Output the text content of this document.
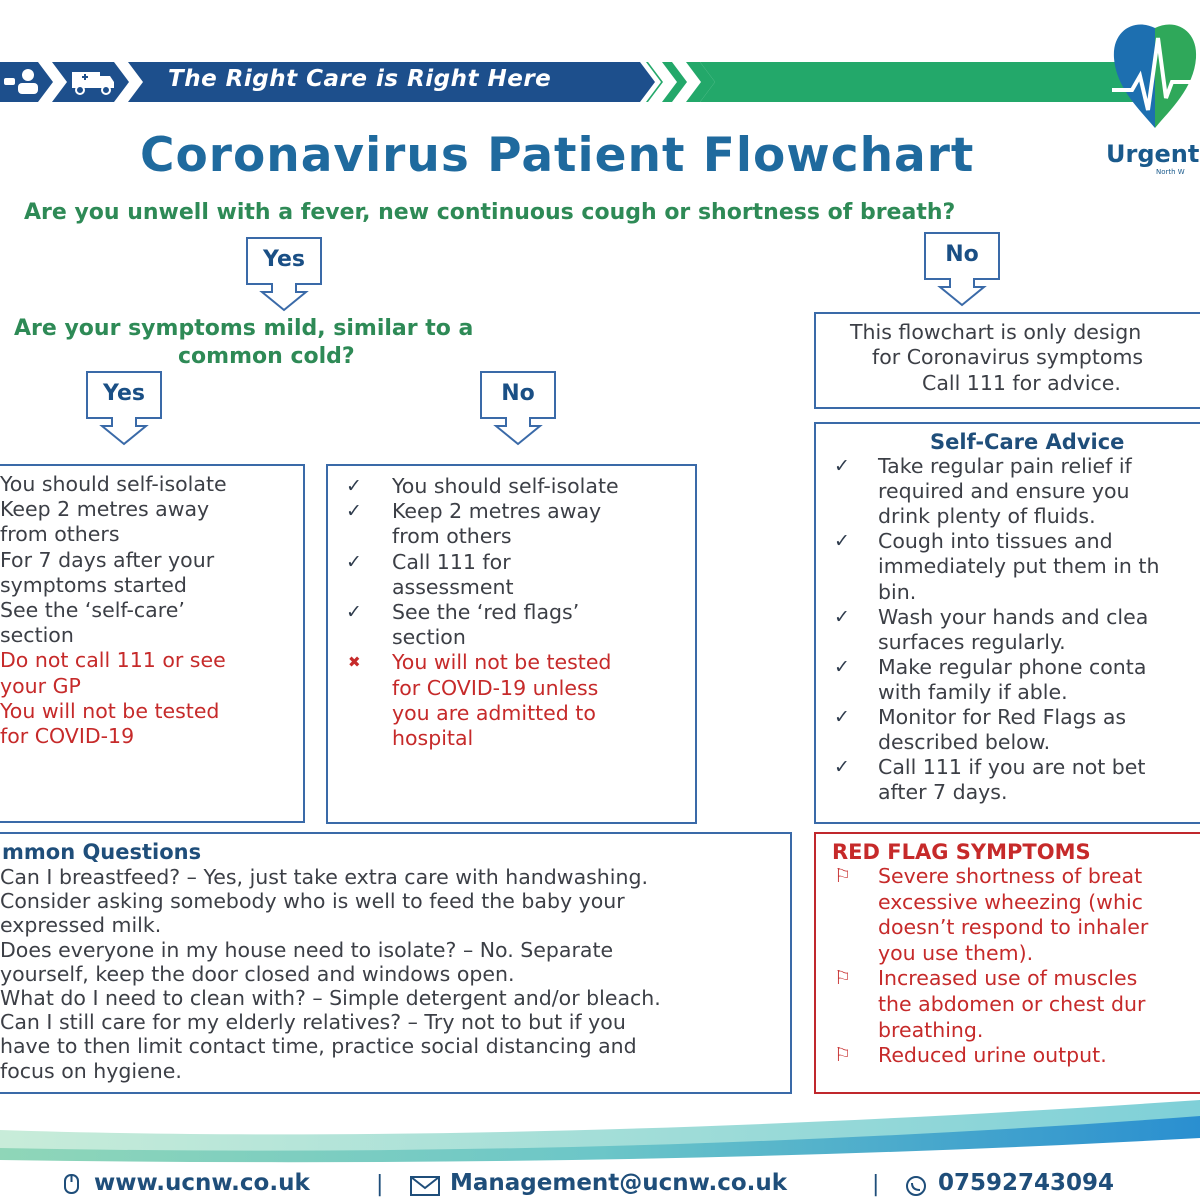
The Right Care is Right Here
Urgent
North W
Coronavirus Patient Flowchart
Are you unwell with a fever, new continuous cough or shortness of breath?
Yes	No
Are your symptoms mild, similar to a
common cold?
Yes	No
This flowchart is only design
for Coronavirus symptoms
Call 111 for advice.
You should self-isolate
Keep 2 metres away
from others
For 7 days after your
symptoms started
See the ‘self-care’
section
Do not call 111 or see
your GP
You will not be tested
for COVID-19
You should self-isolate
✓
Keep 2 metres away
✓
from others
Call 111 for
✓
assessment
See the ‘red flags’
✓
section
You will not be tested
✖
for COVID-19 unless
you are admitted to
hospital
Self-Care Advice
Take regular pain relief if
✓
required and ensure you
drink plenty of fluids.
Cough into tissues and
✓
immediately put them in th
bin.
Wash your hands and clea
✓
surfaces regularly.
Make regular phone conta
✓
with family if able.
Monitor for Red Flags as
✓
described below.
Call 111 if you are not bet
✓
after 7 days.
mmon Questions
Can I breastfeed? – Yes, just take extra care with handwashing.
Consider asking somebody who is well to feed the baby your
expressed milk.
Does everyone in my house need to isolate? – No. Separate
yourself, keep the door closed and windows open.
What do I need to clean with? – Simple detergent and/or bleach.
Can I still care for my elderly relatives? – Try not to but if you
have to then limit contact time, practice social distancing and
focus on hygiene.
RED FLAG SYMPTOMS
Severe shortness of breat
⚐
excessive wheezing (whic
doesn’t respond to inhaler
you use them).
Increased use of muscles
⚐
the abdomen or chest dur
breathing.
Reduced urine output.
⚐
www.ucnw.co.uk	|	Management@ucnw.co.uk	|	07592743094
